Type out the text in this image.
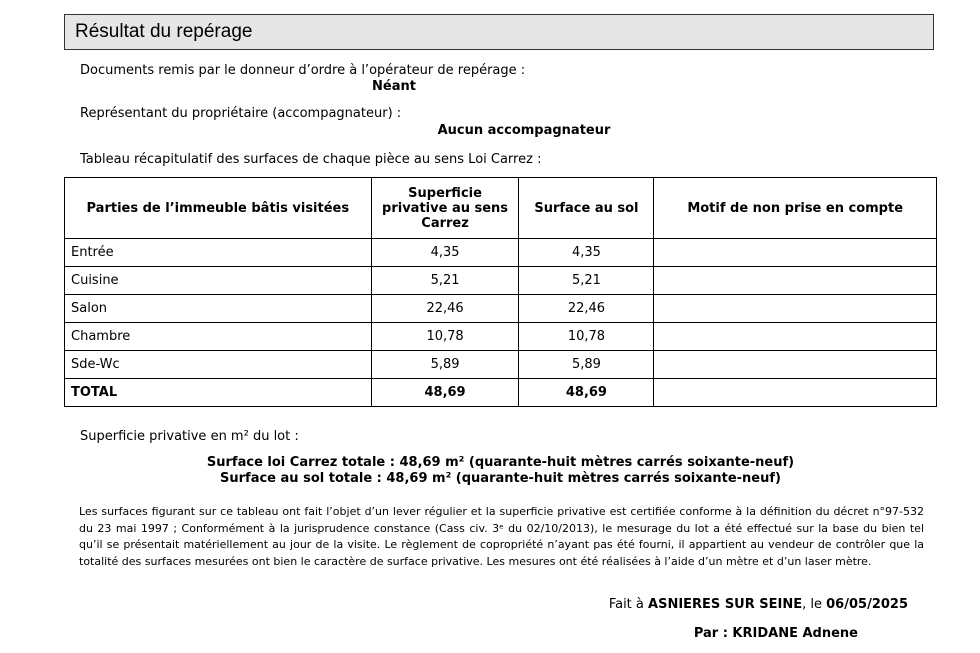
Résultat du repérage
Documents remis par le donneur d’ordre à l’opérateur de repérage :
Néant
Représentant du propriétaire (accompagnateur) :
Aucun accompagnateur
Tableau récapitulatif des surfaces de chaque pièce au sens Loi Carrez :
Parties de l’immeuble bâtis visitées	Superficie privative au sens Carrez	Surface au sol	Motif de non prise en compte
Entrée	4,35	4,35	
Cuisine	5,21	5,21	
Salon	22,46	22,46	
Chambre	10,78	10,78	
Sde-Wc	5,89	5,89	
TOTAL	48,69	48,69	
Superficie privative en m² du lot :
Surface loi Carrez totale : 48,69 m² (quarante-huit mètres carrés soixante-neuf)
Surface au sol totale : 48,69 m² (quarante-huit mètres carrés soixante-neuf)
Les surfaces figurant sur ce tableau ont fait l’objet d’un lever régulier et la superficie privative est certifiée conforme à la définition du décret n°97-532 du 23 mai 1997 ; Conformément à la jurisprudence constance (Cass civ. 3ᵉ du 02/10/2013), le mesurage du lot a été effectué sur la base du bien tel qu’il se présentait matériellement au jour de la visite. Le règlement de copropriété n’ayant pas été fourni, il appartient au vendeur de contrôler que la totalité des surfaces mesurées ont bien le caractère de surface privative. Les mesures ont été réalisées à l’aide d’un mètre et d’un laser mètre.
Fait à ASNIERES SUR SEINE, le 06/05/2025
Par : KRIDANE Adnene
